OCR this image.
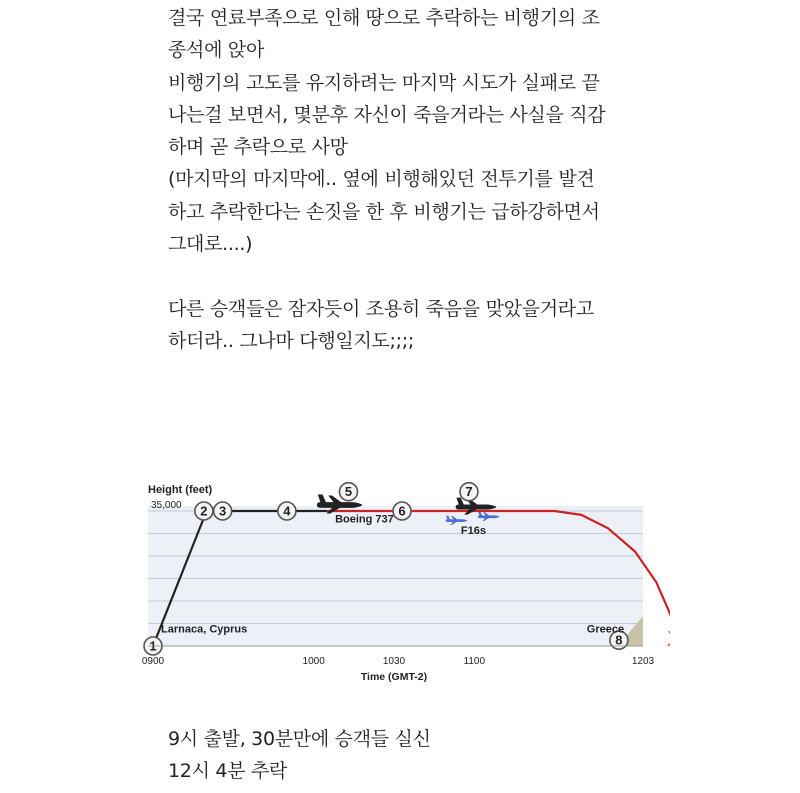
결국 연료부족으로 인해 땅으로 추락하는 비행기의 조
종석에 앉아
비행기의 고도를 유지하려는 마지막 시도가 실패로 끝
나는걸 보면서, 몇분후 자신이 죽을거라는 사실을 직감
하며 곧 추락으로 사망
(마지막의 마지막에.. 옆에 비행해있던 전투기를 발견
하고 추락한다는 손짓을 한 후 비행기는 급하강하면서
그대로....)
다른 승객들은 잠자듯이 조용히 죽음을 맞았을거라고
하더라.. 그나마 다행일지도;;;;
1
2 3	4
5
6
7
8
Height (feet)
35,000
0900	1000	1030	1100	1203
Time (GMT-2)
Boeing 737
F16s
Larnaca, Cyprus	Greece
9시 출발, 30분만에 승객들 실신
12시 4분 추락
